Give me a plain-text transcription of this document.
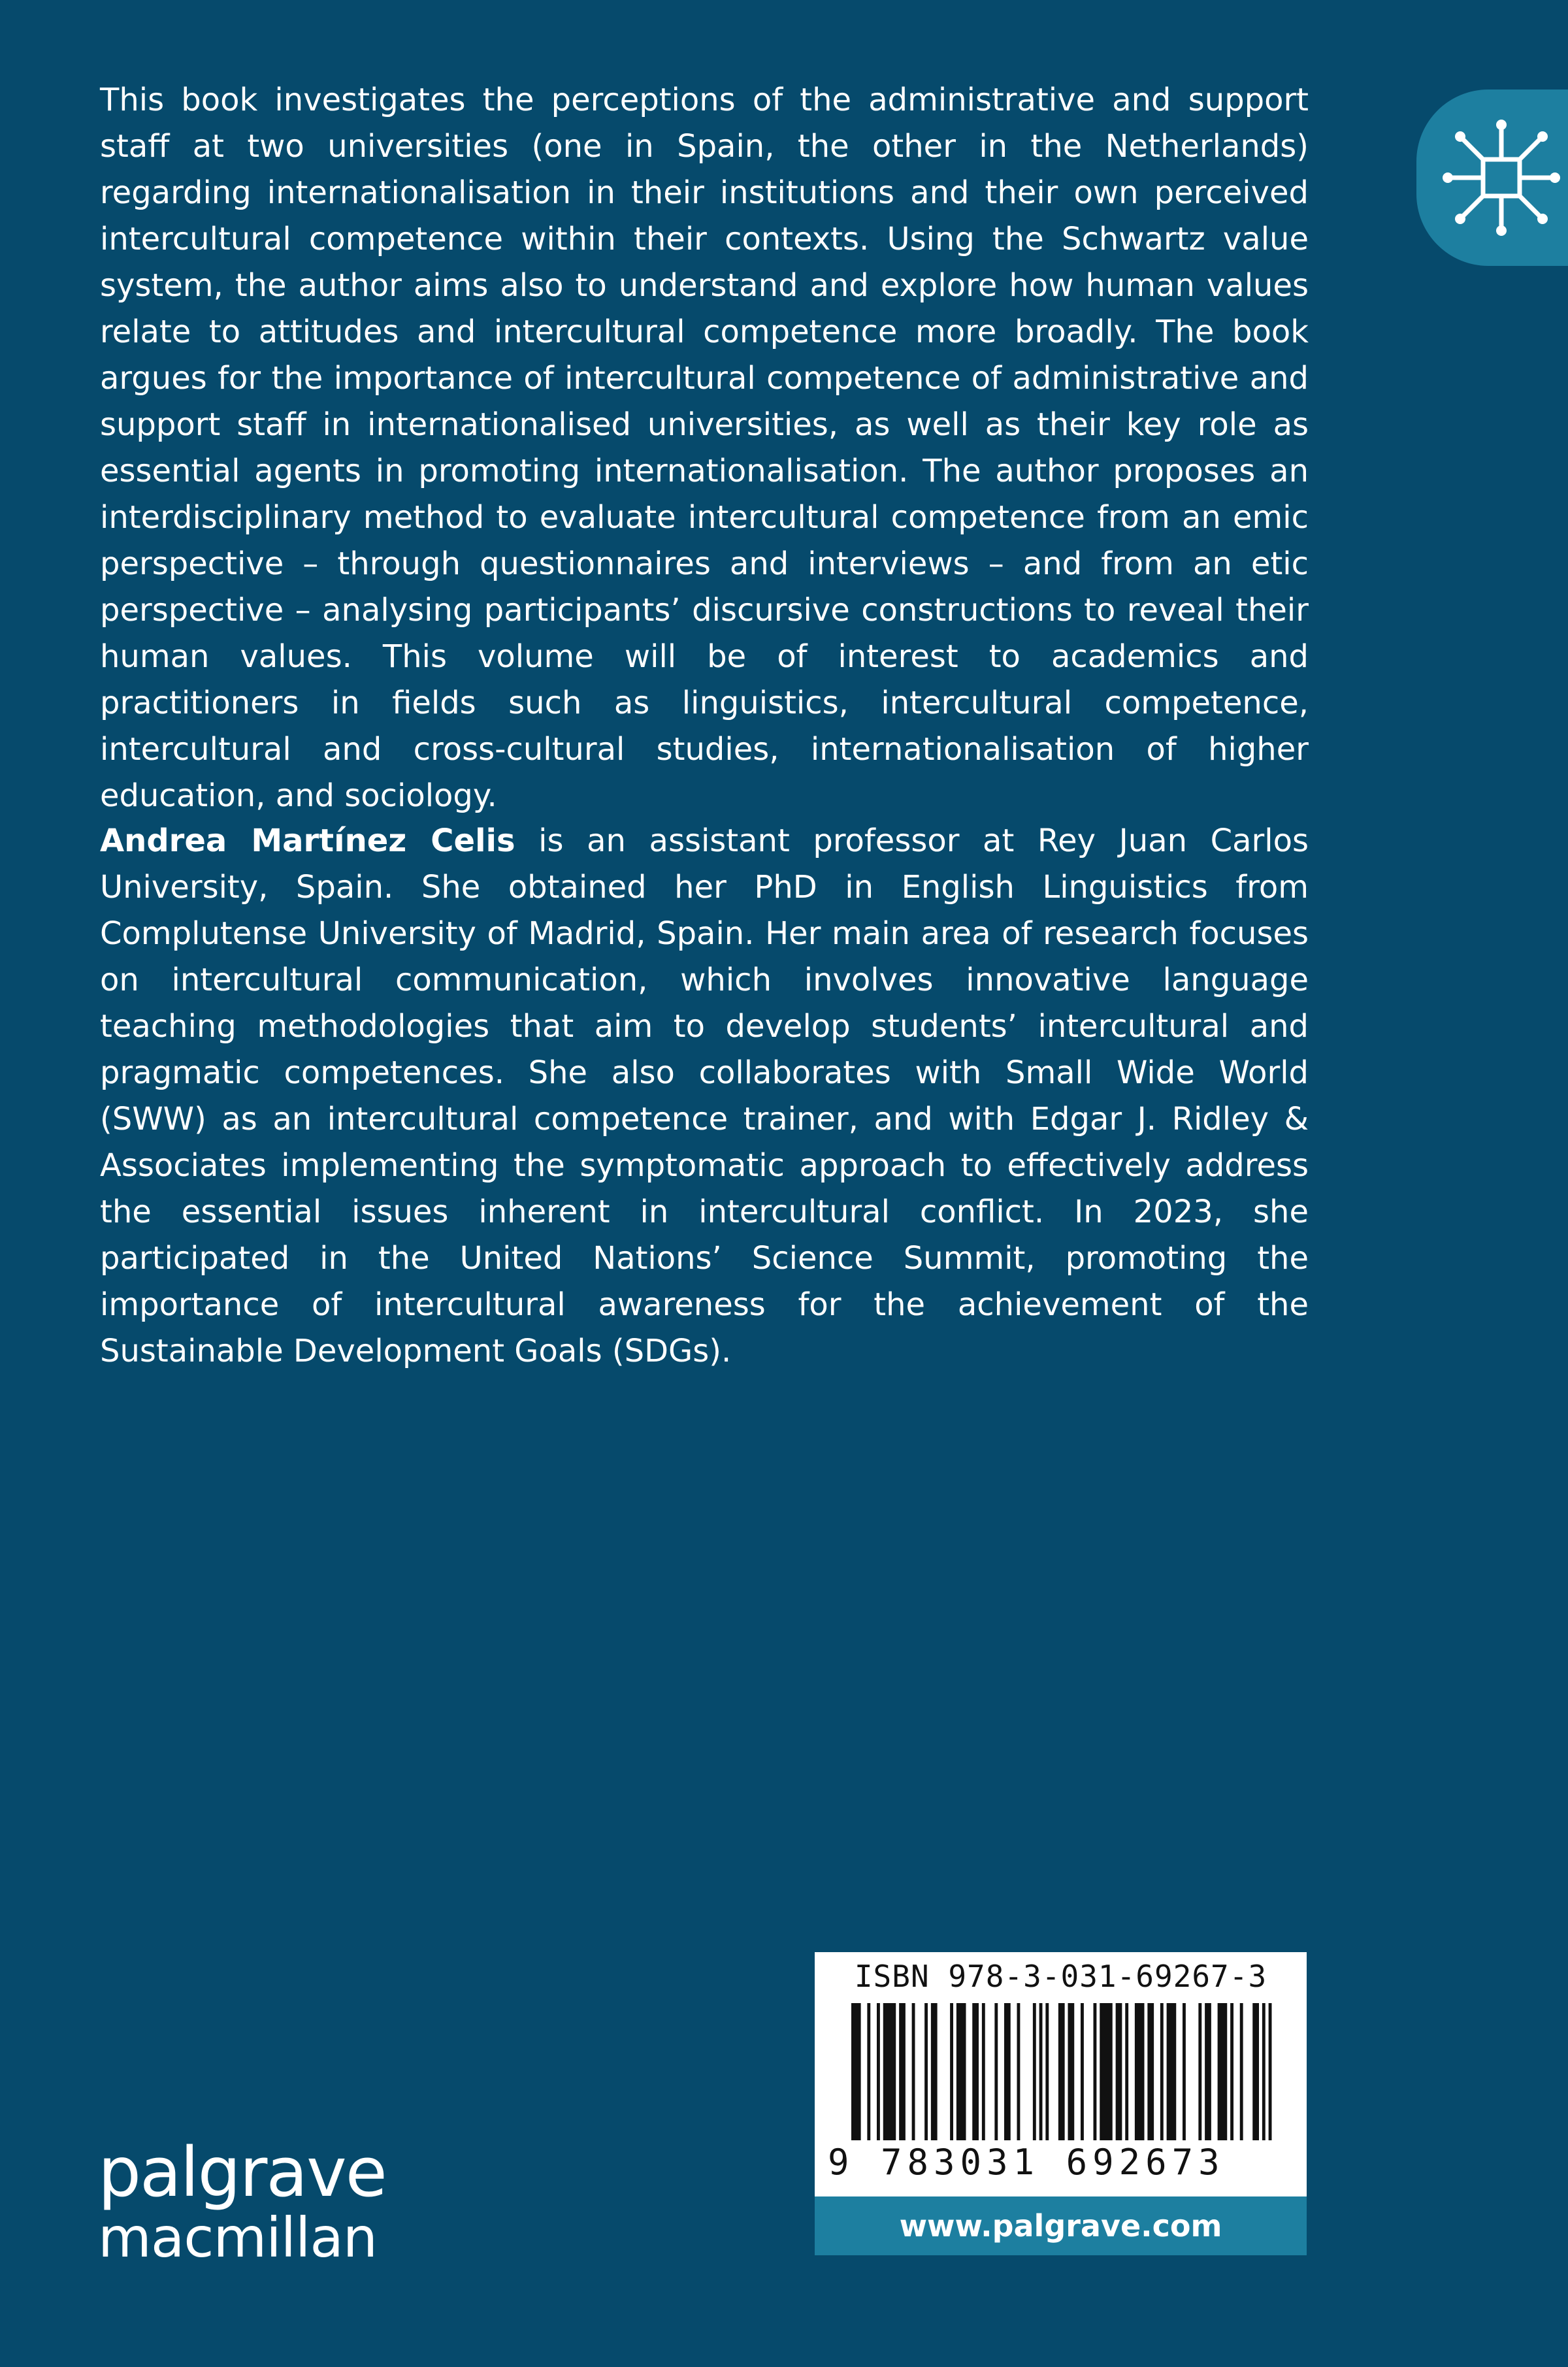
This book investigates the perceptions of the administrative and support staff at two universities (one in Spain, the other in the Netherlands) regarding internationalisation in their institutions and their own perceived intercultural competence within their contexts. Using the Schwartz value system, the author aims also to understand and explore how human values relate to attitudes and intercultural competence more broadly. The book argues for the importance of intercultural competence of administrative and support staff in internationalised universities, as well as their key role as essential agents in promoting internationalisation. The author proposes an interdisciplinary method to evaluate intercultural competence from an emic perspective – through questionnaires and interviews – and from an etic perspective – analysing participants’ discursive constructions to reveal their human values. This volume will be of interest to academics and practitioners in fields such as linguistics, intercultural competence, intercultural and cross-cultural studies, internationalisation of higher education, and sociology.

Andrea Martínez Celis is an assistant professor at Rey Juan Carlos University, Spain. She obtained her PhD in English Linguistics from Complutense University of Madrid, Spain. Her main area of research focuses on intercultural communication, which involves innovative language teaching methodologies that aim to develop students’ intercultural and pragmatic competences. She also collaborates with Small Wide World (SWW) as an intercultural competence trainer, and with Edgar J. Ridley & Associates implementing the symptomatic approach to effectively address the essential issues inherent in intercultural conflict. In 2023, she participated in the United Nations’ Science Summit, promoting the importance of intercultural awareness for the achievement of the Sustainable Development Goals (SDGs).

palgrave
macmillan
ISBN 978-3-031-69267-3
9 783031 692673
www.palgrave.com
